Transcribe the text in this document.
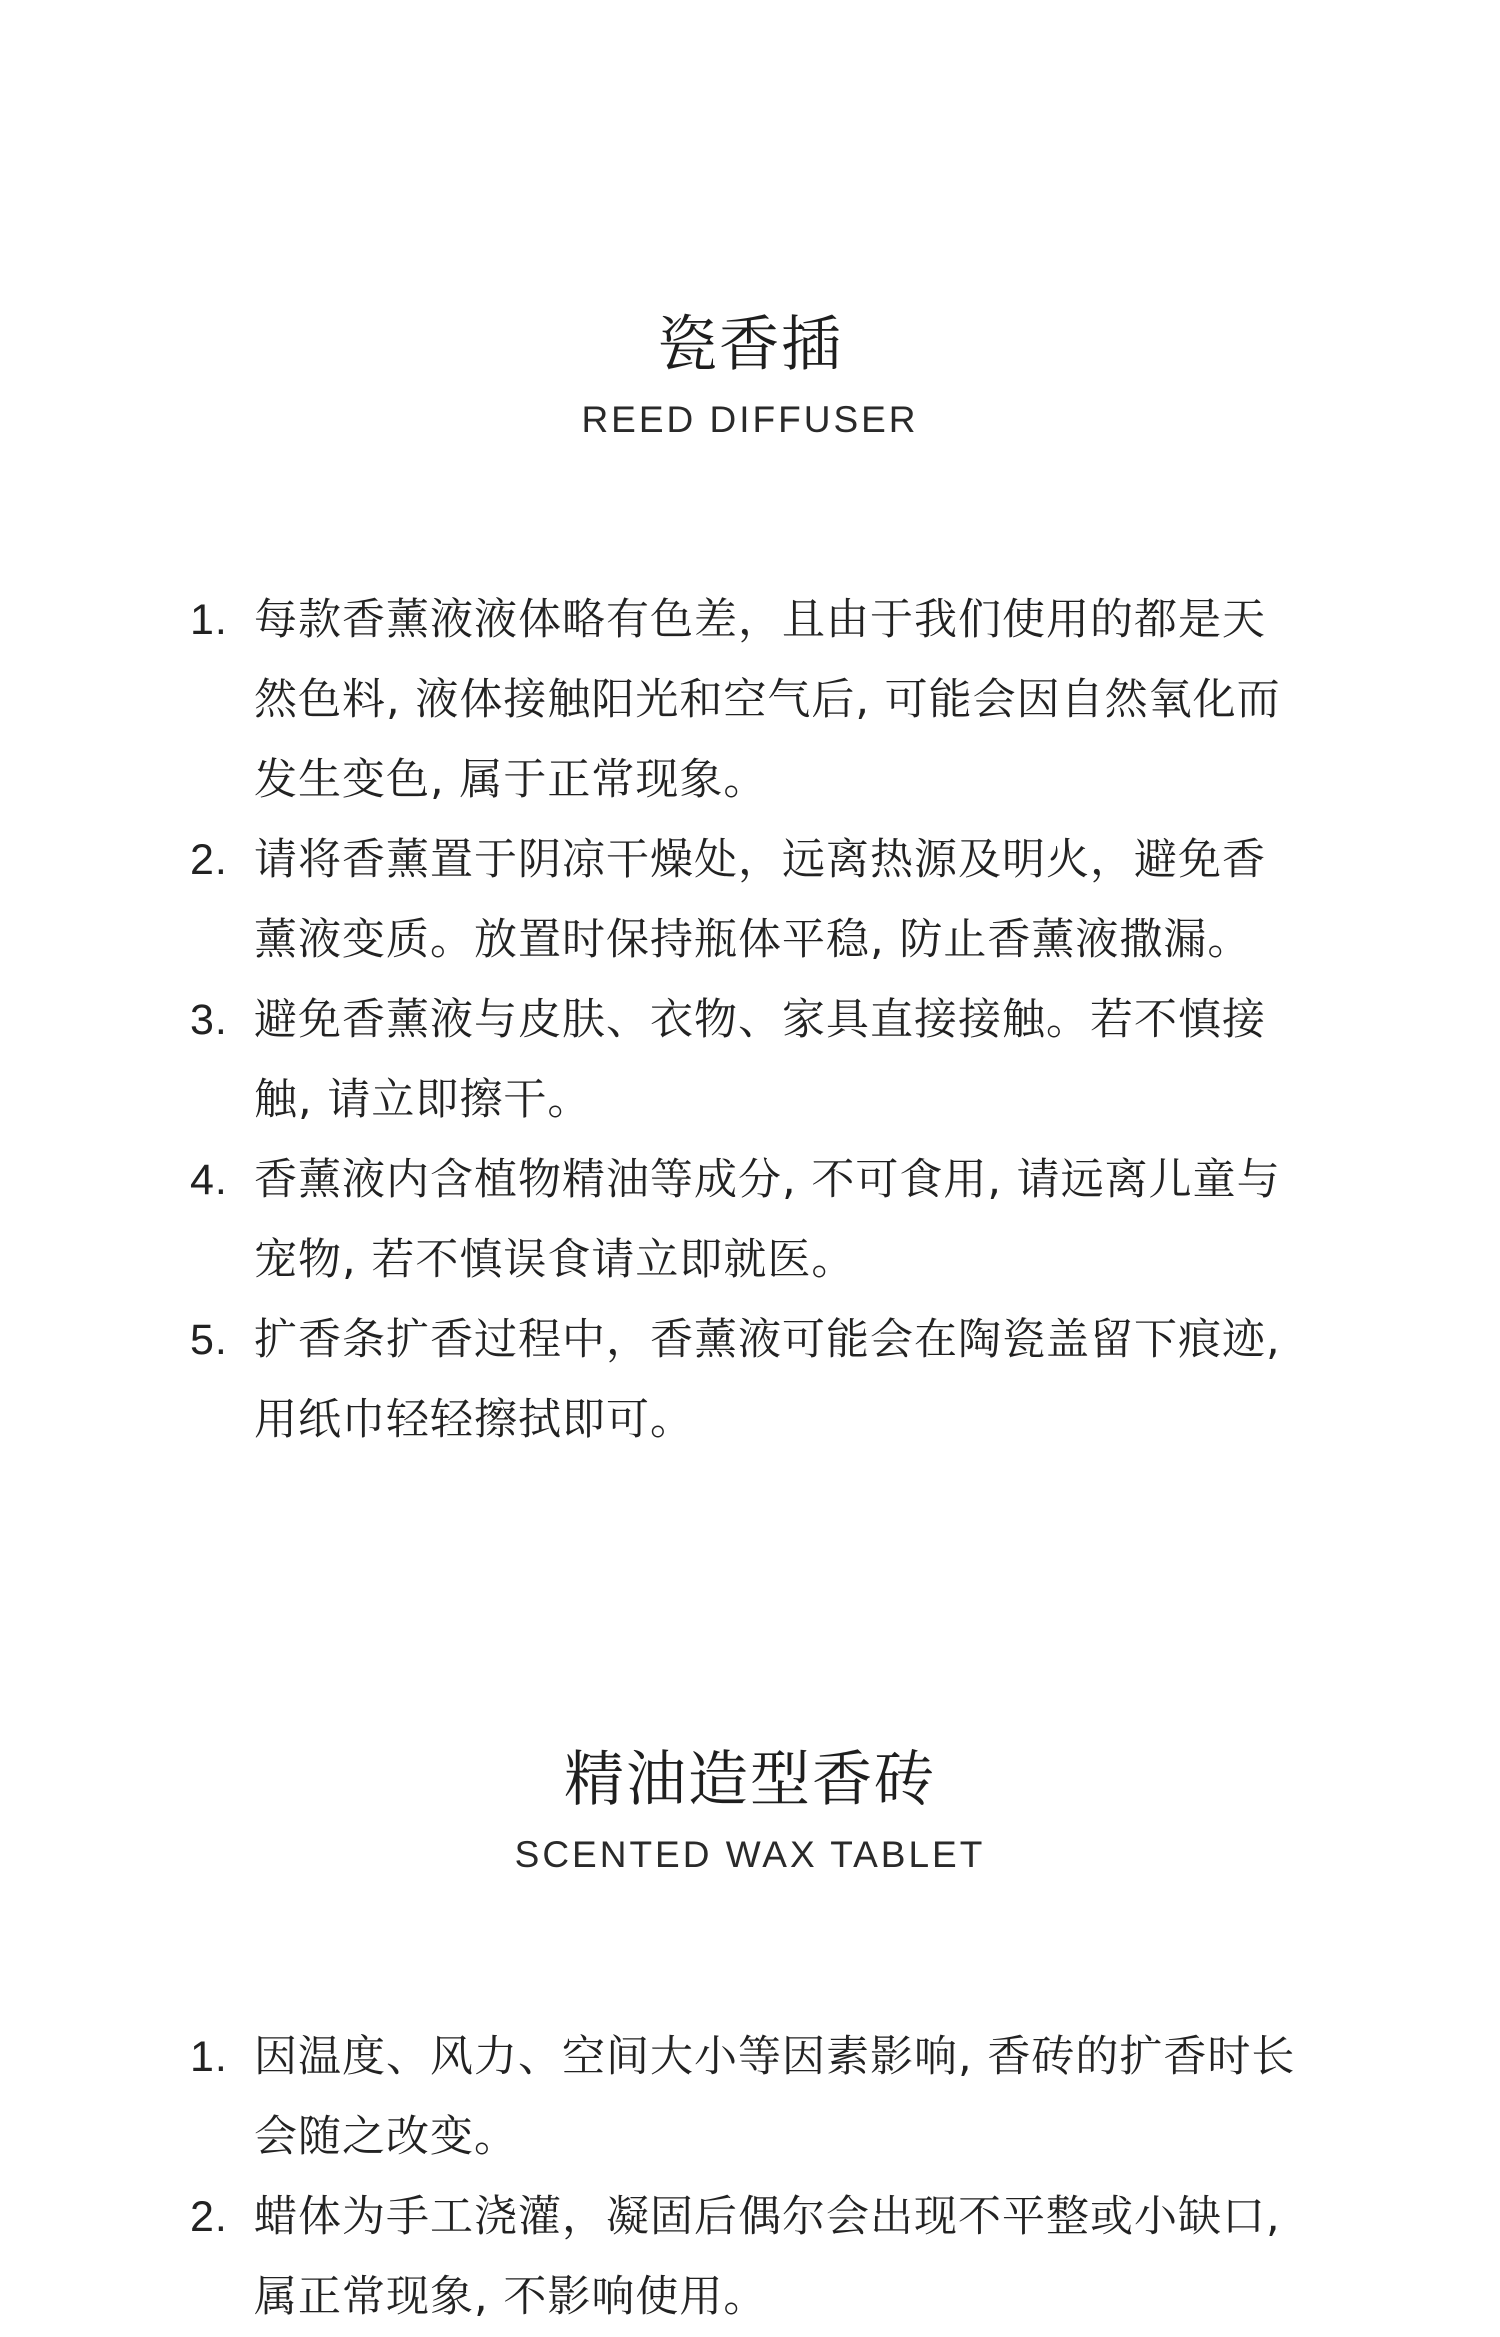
瓷香插

REED DIFFUSER

1. 每款香薰液液体略有色差，且由于我们使用的都是天然色料, 液体接触阳光和空气后, 可能会因自然氧化而发生变色, 属于正常现象。
2. 请将香薰置于阴凉干燥处，远离热源及明火，避免香薰液变质。放置时保持瓶体平稳, 防止香薰液撒漏。
3. 避免香薰液与皮肤、衣物、家具直接接触。若不慎接触, 请立即擦干。
4. 香薰液内含植物精油等成分, 不可食用, 请远离儿童与宠物, 若不慎误食请立即就医。
5. 扩香条扩香过程中，香薰液可能会在陶瓷盖留下痕迹, 用纸巾轻轻擦拭即可。
精油造型香砖

SCENTED WAX TABLET

1. 因温度、风力、空间大小等因素影响, 香砖的扩香时长会随之改变。
2. 蜡体为手工浇灌，凝固后偶尔会出现不平整或小缺口, 属正常现象, 不影响使用。
